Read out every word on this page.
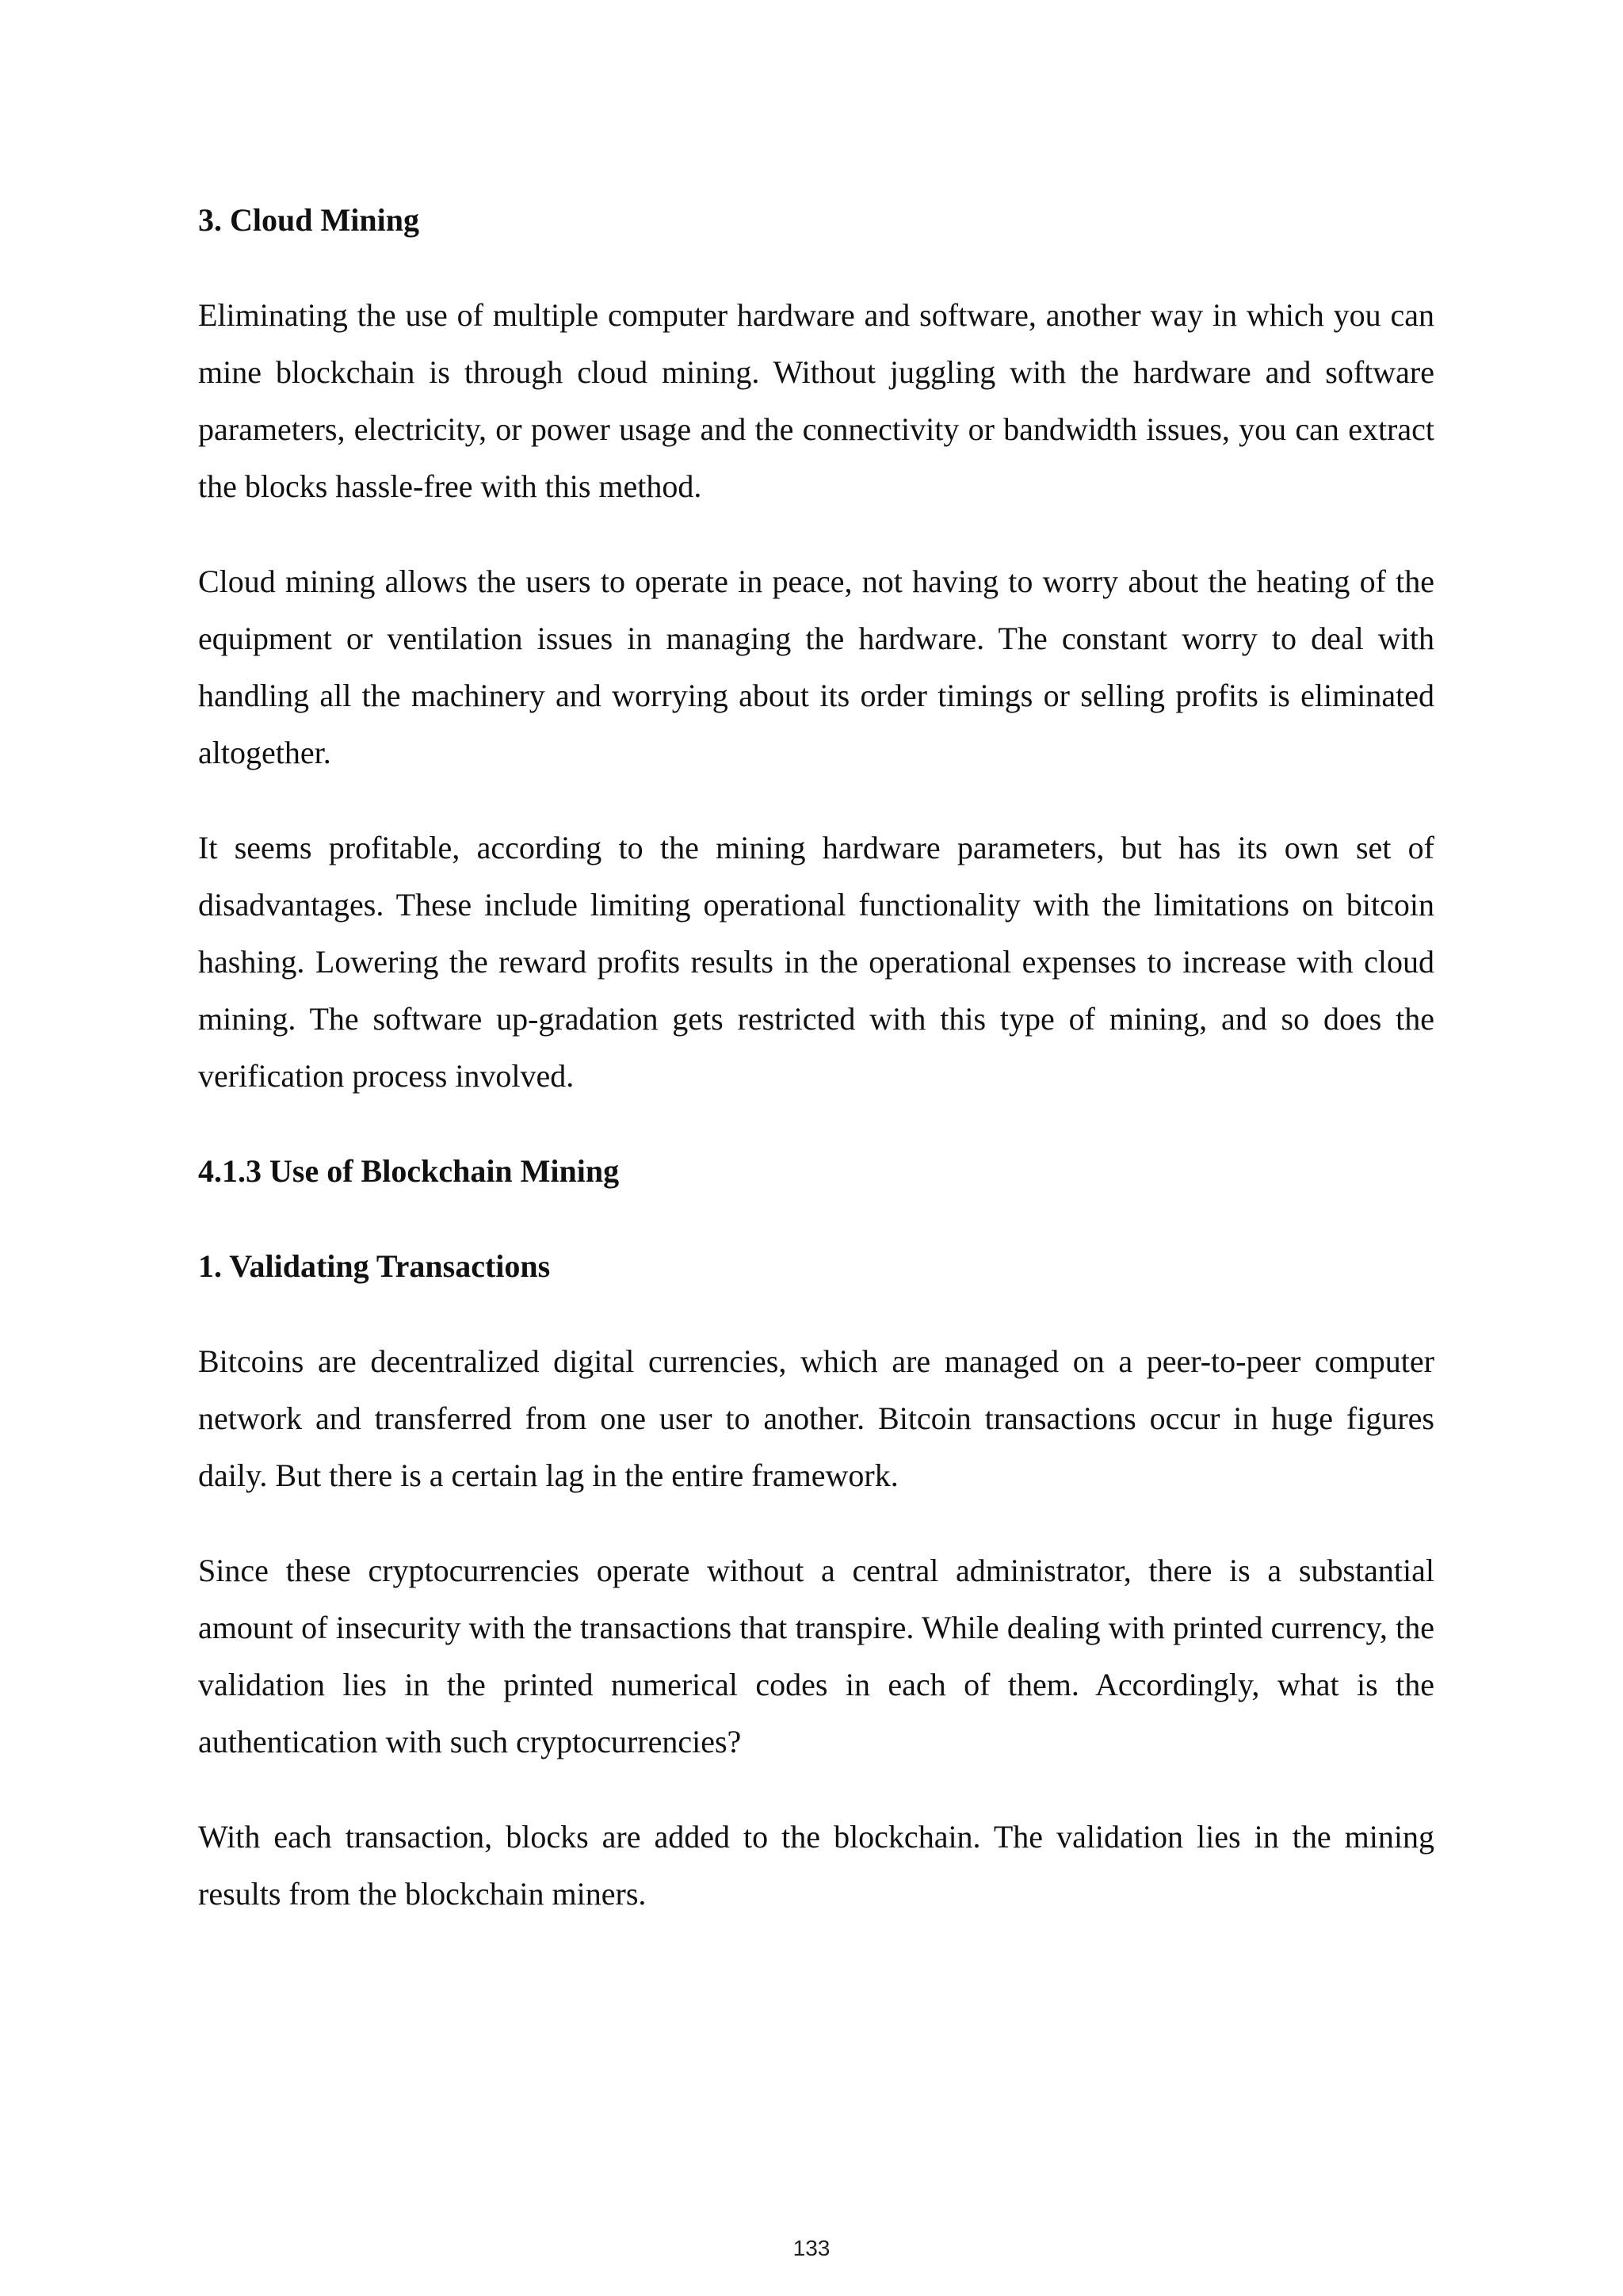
3. Cloud Mining

Eliminating the use of multiple computer hardware and software, another way in which you can mine blockchain is through cloud mining. Without juggling with the hardware and software parameters, electricity, or power usage and the connectivity or bandwidth issues, you can extract the blocks hassle-free with this method.

Cloud mining allows the users to operate in peace, not having to worry about the heating of the equipment or ventilation issues in managing the hardware. The constant worry to deal with handling all the machinery and worrying about its order timings or selling profits is eliminated altogether.

It seems profitable, according to the mining hardware parameters, but has its own set of disadvantages. These include limiting operational functionality with the limitations on bitcoin hashing. Lowering the reward profits results in the operational expenses to increase with cloud mining. The software up-gradation gets restricted with this type of mining, and so does the verification process involved.

4.1.3 Use of Blockchain Mining
1. Validating Transactions

Bitcoins are decentralized digital currencies, which are managed on a peer-to-peer computer network and transferred from one user to another. Bitcoin transactions occur in huge figures daily. But there is a certain lag in the entire framework.

Since these cryptocurrencies operate without a central administrator, there is a substantial amount of insecurity with the transactions that transpire. While dealing with printed currency, the validation lies in the printed numerical codes in each of them. Accordingly, what is the authentication with such cryptocurrencies?

With each transaction, blocks are added to the blockchain. The validation lies in the mining results from the blockchain miners.

133
